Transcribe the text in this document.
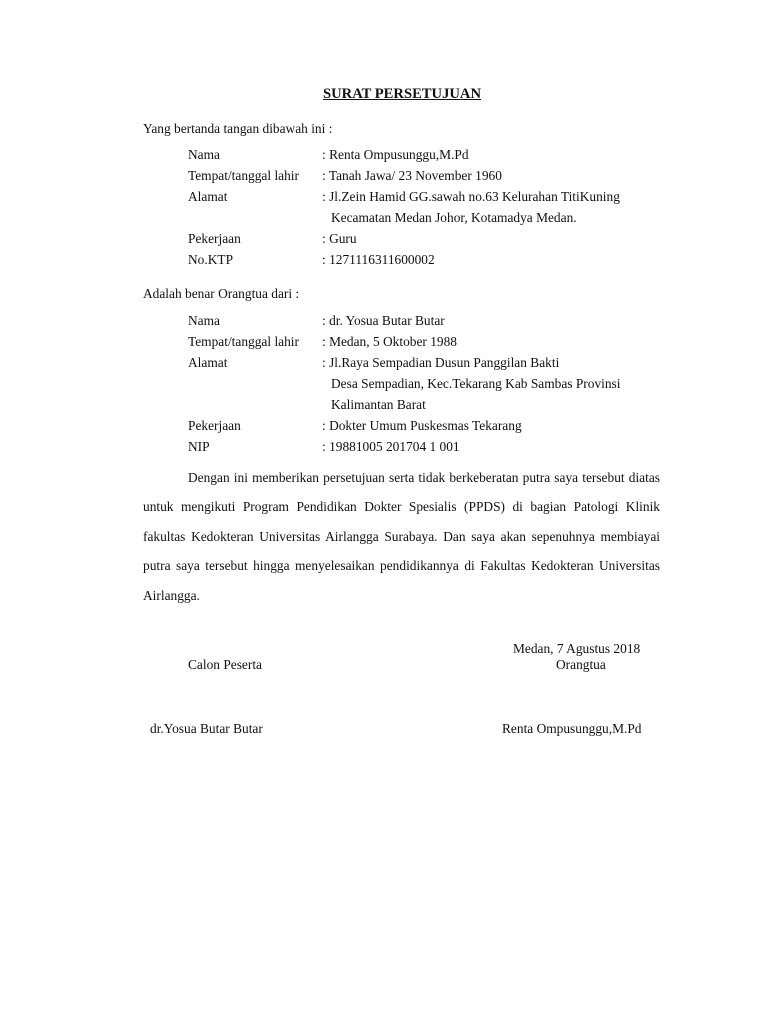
SURAT PERSETUJUAN
Yang bertanda tangan dibawah ini :
Nama	: Renta Ompusunggu,M.Pd
Tempat/tanggal lahir : Tanah Jawa/ 23 November 1960
Alamat	: Jl.Zein Hamid GG.sawah no.63 Kelurahan TitiKuning
Kecamatan Medan Johor, Kotamadya Medan.
Pekerjaan	: Guru
No.KTP	: 1271116311600002
Adalah benar Orangtua dari :
Nama	: dr. Yosua Butar Butar
Tempat/tanggal lahir : Medan, 5 Oktober 1988
Alamat	: Jl.Raya Sempadian Dusun Panggilan Bakti
Desa Sempadian, Kec.Tekarang Kab Sambas Provinsi
Kalimantan Barat
Pekerjaan	: Dokter Umum Puskesmas Tekarang
NIP	: 19881005 201704 1 001
Dengan ini memberikan persetujuan serta tidak berkeberatan putra saya tersebut diatas untuk mengikuti Program Pendidikan Dokter Spesialis (PPDS) di bagian Patologi Klinik fakultas Kedokteran Universitas Airlangga Surabaya. Dan saya akan sepenuhnya membiayai putra saya tersebut hingga menyelesaikan pendidikannya di Fakultas Kedokteran Universitas Airlangga.
Medan, 7 Agustus 2018
Calon Peserta	Orangtua
dr.Yosua Butar Butar	Renta Ompusunggu,M.Pd
